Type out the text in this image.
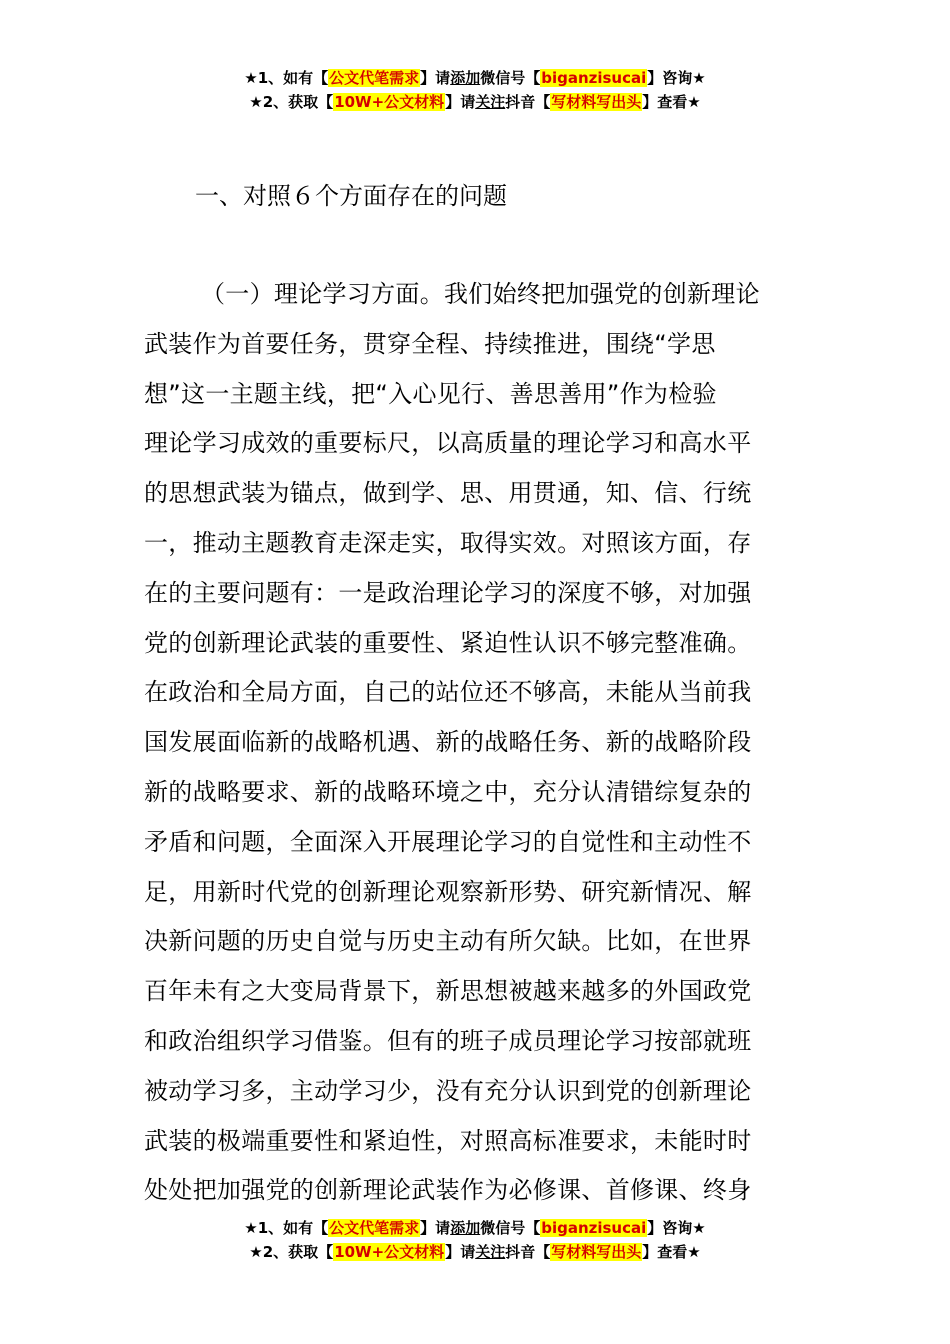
★1、如有【公文代笔需求】请添加微信号【biganzisucai】咨询★
★2、获取【10W+公文材料】请关注抖音【写材料写出头】查看★
一、对照６个方面存在的问题
（一）理论学习方面。我们始终把加强党的创新理论
武装作为首要任务，贯穿全程、持续推进，围绕“学思
想”这一主题主线，把“入心见行、善思善用”作为检验
理论学习成效的重要标尺，以高质量的理论学习和高水平
的思想武装为锚点，做到学、思、用贯通，知、信、行统
一，推动主题教育走深走实，取得实效。对照该方面，存
在的主要问题有：一是政治理论学习的深度不够，对加强
党的创新理论武装的重要性、紧迫性认识不够完整准确。
在政治和全局方面，自己的站位还不够高，未能从当前我
国发展面临新的战略机遇、新的战略任务、新的战略阶段
新的战略要求、新的战略环境之中，充分认清错综复杂的
矛盾和问题，全面深入开展理论学习的自觉性和主动性不
足，用新时代党的创新理论观察新形势、研究新情况、解
决新问题的历史自觉与历史主动有所欠缺。比如，在世界
百年未有之大变局背景下，新思想被越来越多的外国政党
和政治组织学习借鉴。但有的班子成员理论学习按部就班
被动学习多，主动学习少，没有充分认识到党的创新理论
武装的极端重要性和紧迫性，对照高标准要求，未能时时
处处把加强党的创新理论武装作为必修课、首修课、终身
★1、如有【公文代笔需求】请添加微信号【biganzisucai】咨询★
★2、获取【10W+公文材料】请关注抖音【写材料写出头】查看★
